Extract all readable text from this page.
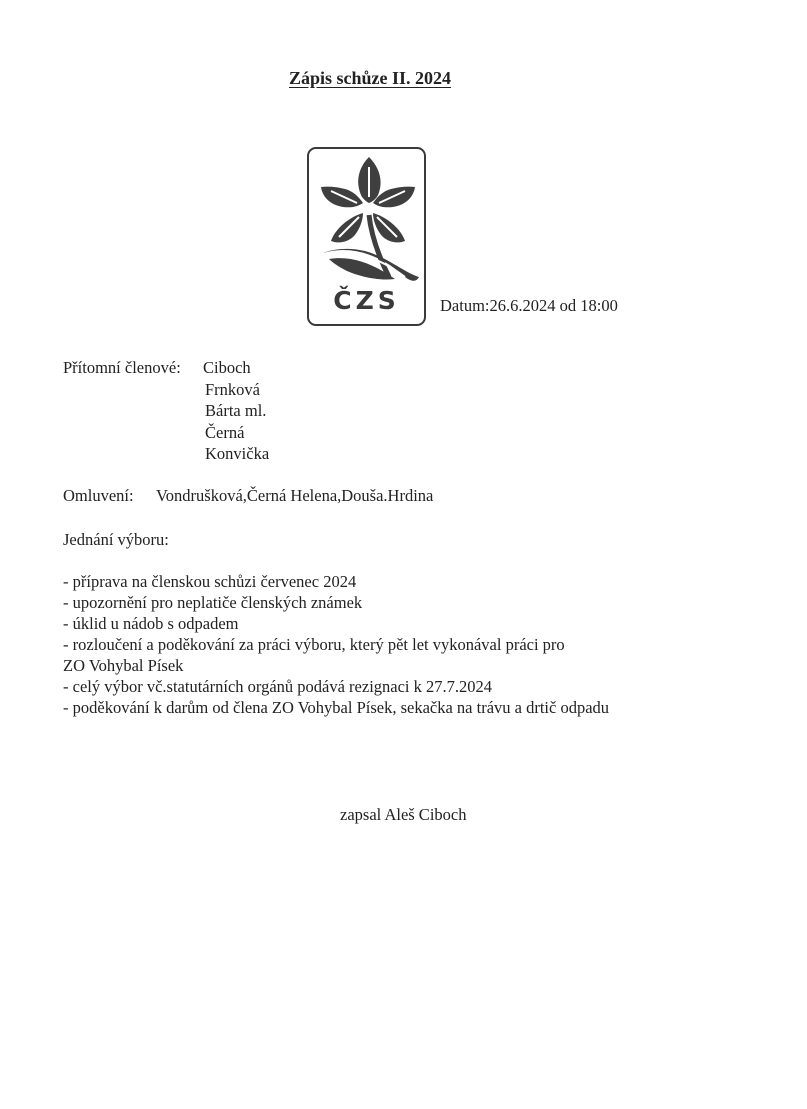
Zápis schůze II. 2024
ČZS	Datum:26.6.2024 od 18:00
Přítomní členové: Ciboch
Frnková
Bárta ml.
Černá
Konvička
Omluvení: Vondrušková,Černá Helena,Douša.Hrdina
Jednání výboru:
- příprava na členskou schůzi červenec 2024
- upozornění pro neplatiče členských známek
- úklid u nádob s odpadem
- rozloučení a poděkování za práci výboru, který pět let vykonával práci pro
ZO Vohybal Písek
- celý výbor vč.statutárních orgánů podává rezignaci k 27.7.2024
- poděkování k darům od člena ZO Vohybal Písek, sekačka na trávu a drtič odpadu
zapsal Aleš Ciboch
